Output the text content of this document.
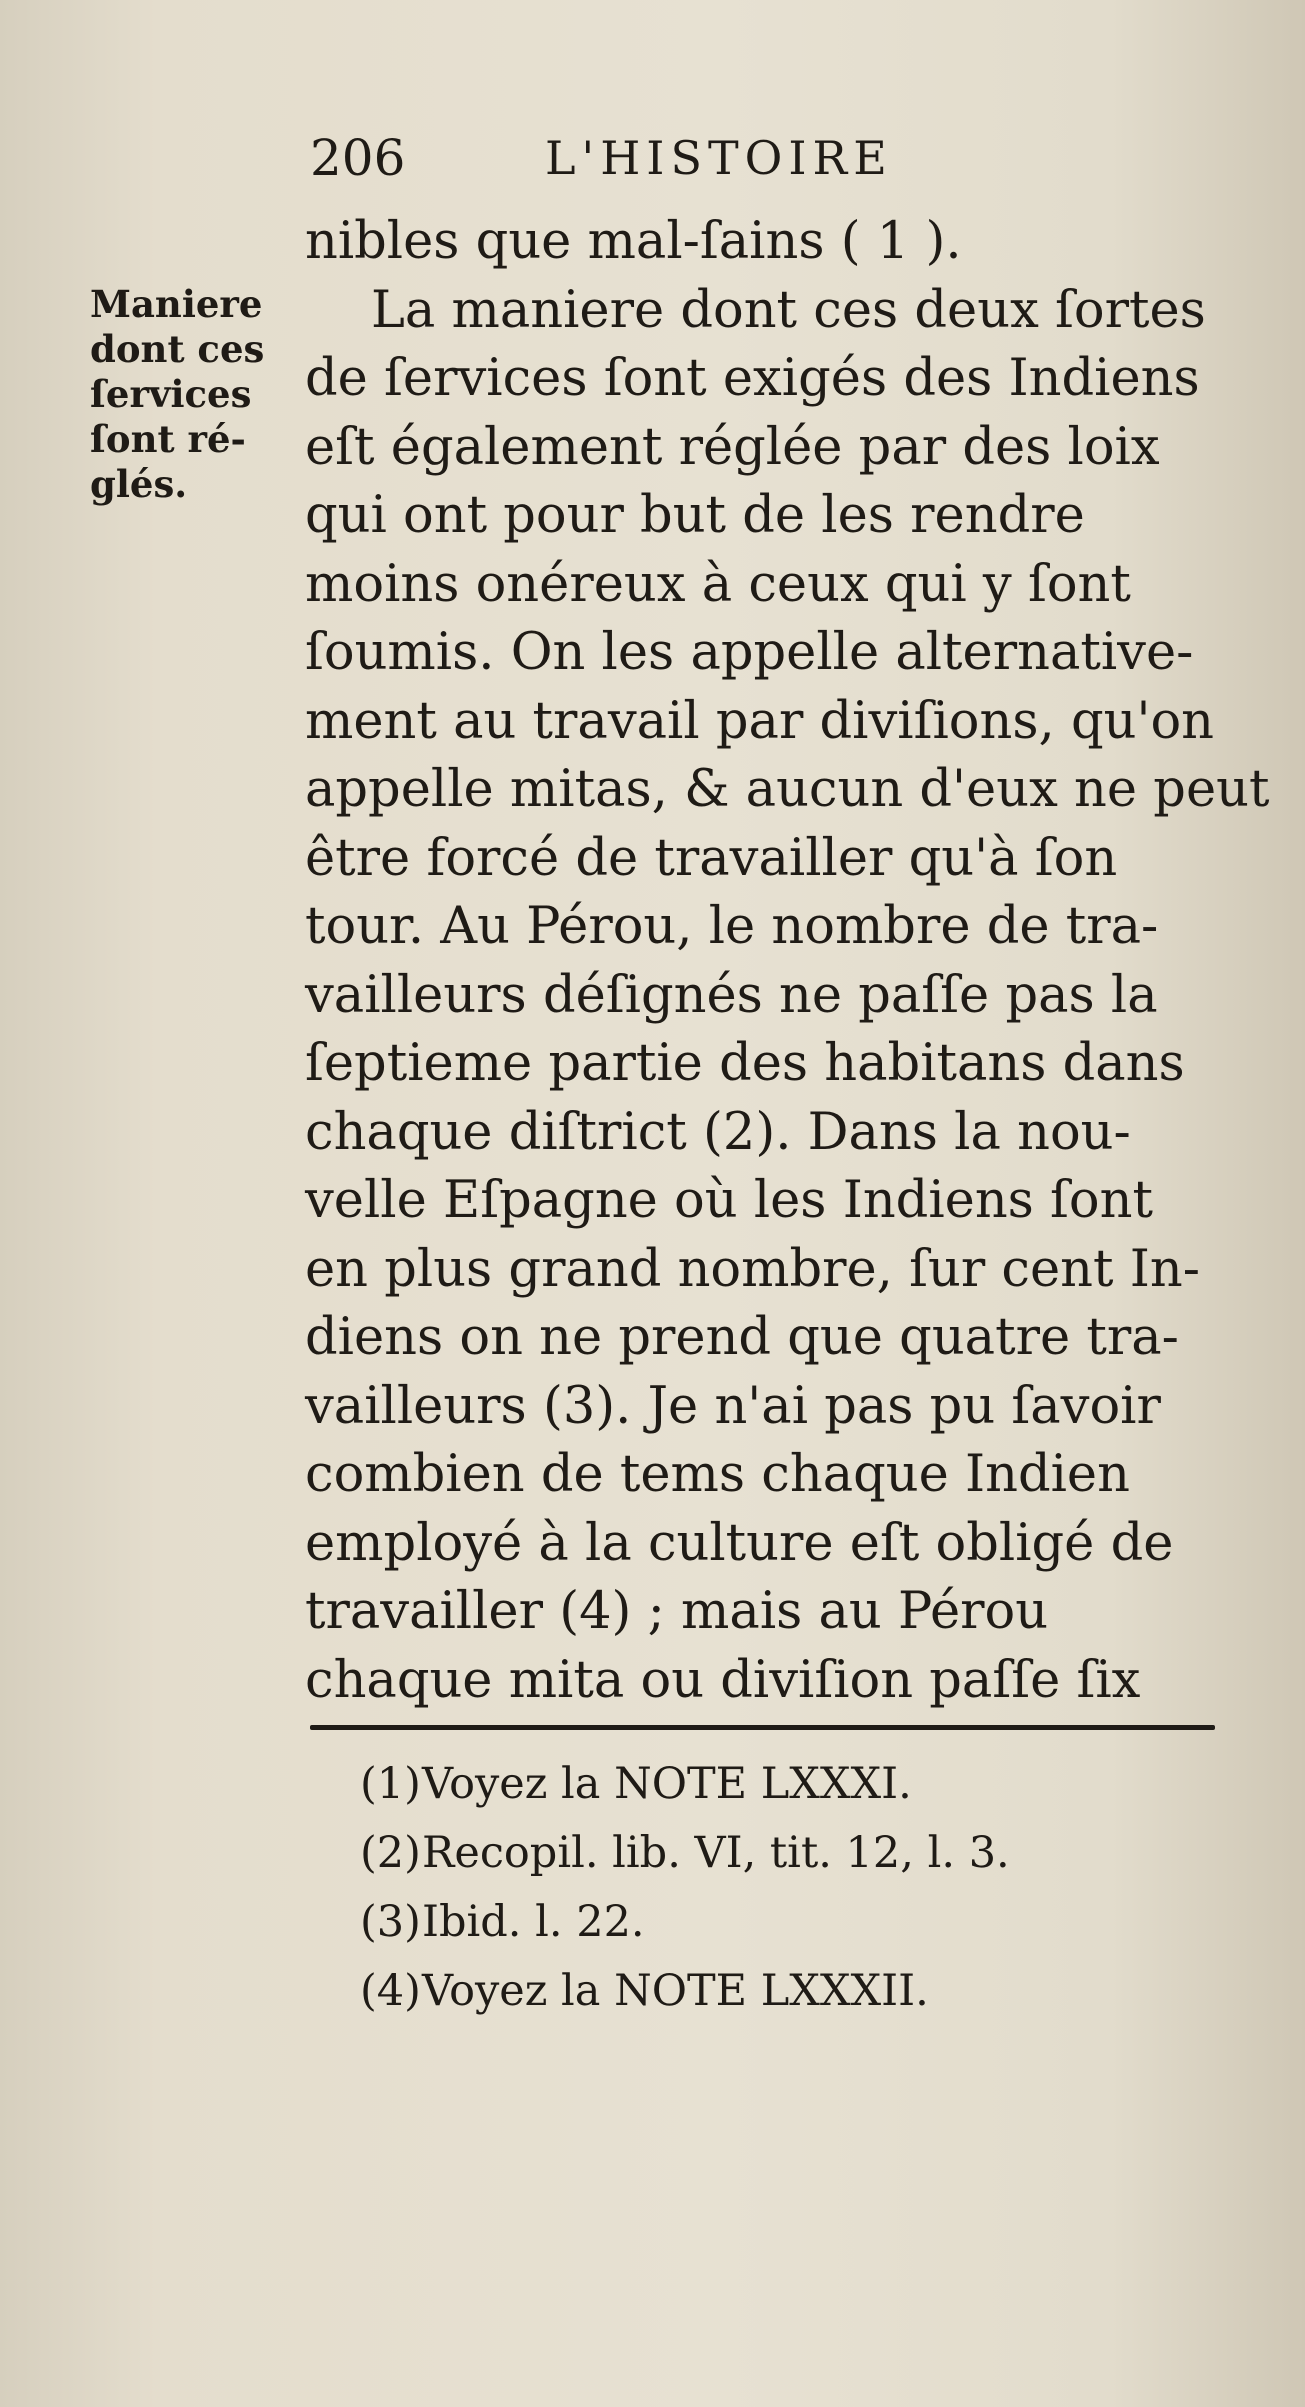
206	L'HISTOIRE
Maniere
dont ces
ſervices
ſont ré-
glés.
nibles que mal-ſains ( 1 ).
La maniere dont ces deux ſortes
de ſervices ſont exigés des Indiens
eſt également réglée par des loix
qui ont pour but de les rendre
moins onéreux à ceux qui y ſont
ſoumis. On les appelle alternative-
ment au travail par diviſions, qu'on
appelle mitas, & aucun d'eux ne peut
être forcé de travailler qu'à ſon
tour. Au Pérou, le nombre de tra-
vailleurs déſignés ne paſſe pas la
ſeptieme partie des habitans dans
chaque diſtrict (2). Dans la nou-
velle Eſpagne où les Indiens ſont
en plus grand nombre, ſur cent In-
diens on ne prend que quatre tra-
vailleurs (3). Je n'ai pas pu ſavoir
combien de tems chaque Indien
employé à la culture eſt obligé de
travailler (4) ; mais au Pérou
chaque mita ou diviſion paſſe ſix
(1)Voyez la NOTE LXXXI.
(2)Recopil. lib. VI, tit. 12, l. 3.
(3)Ibid. l. 22.
(4)Voyez la NOTE LXXXII.
